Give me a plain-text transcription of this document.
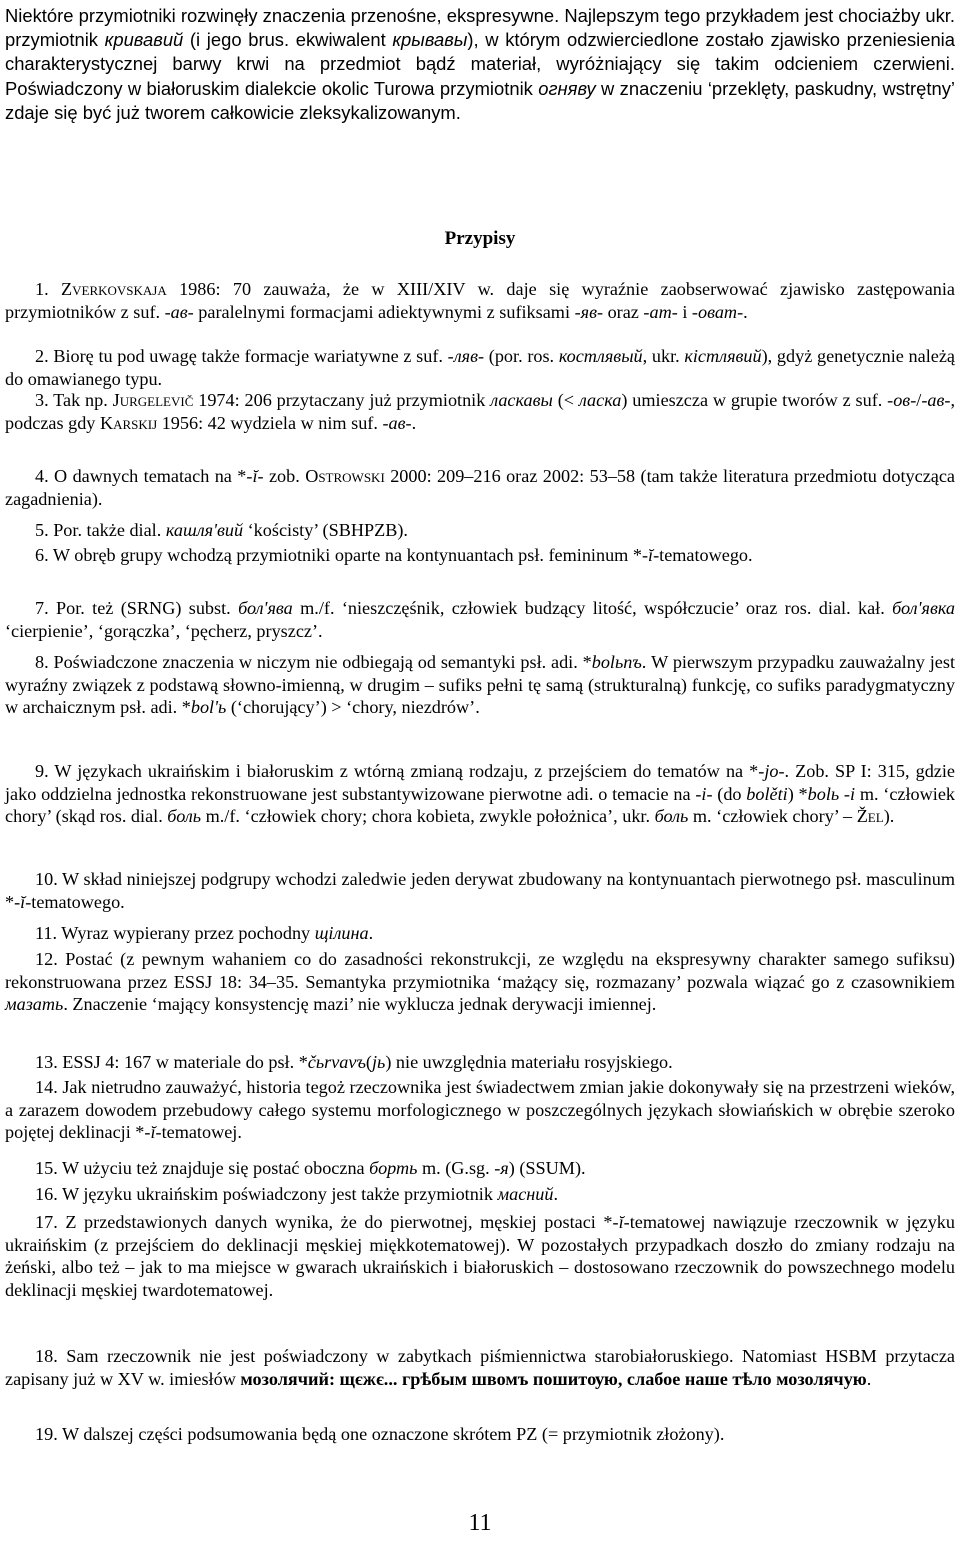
Niektóre przymiotniki rozwinęły znaczenia przenośne, ekspresywne. Najlepszym tego przykładem jest chociażby ukr. przymiotnik кривавий (i jego brus. ekwiwalent крывавы), w którym odzwierciedlone zostało zjawisko przeniesienia charakterystycznej barwy krwi na przedmiot bądź materiał, wyróżniający się takim odcieniem czerwieni. Poświadczony w białoruskim dialekcie okolic Turowa przymiotnik огняву w znaczeniu ‘przeklęty, paskudny, wstrętny’ zdaje się być już tworem całkowicie zleksykalizowanym.

Przypisy

1. Zverkovskaja 1986: 70 zauważa, że w XIII/XIV w. daje się wyraźnie zaobserwować zjawisko zastępowania przymiotników z suf. -ав- paralelnymi formacjami adiektywnymi z sufiksami -яв- oraz -ат- i -оват-.

2. Biorę tu pod uwagę także formacje wariatywne z suf. -ляв- (por. ros. костлявый, ukr. кістлявий), gdyż genetycznie należą do omawianego typu.

3. Tak np. Jurgelevič 1974: 206 przytaczany już przymiotnik ласкавы (< ласка) umieszcza w grupie tworów z suf. -ов-/-ав-, podczas gdy Karskij 1956: 42 wydziela w nim suf. -ав-.

4. O dawnych tematach na *-ĭ- zob. Ostrowski 2000: 209–216 oraz 2002: 53–58 (tam także literatura przedmiotu dotycząca zagadnienia).

5. Por. także dial. кашля'вий ‘kościsty’ (SBHPZB).

6. W obręb grupy wchodzą przymiotniki oparte na kontynuantach psł. femininum *-ĭ-tematowego.

7. Por. też (SRNG) subst. бол'ява m./f. ‘nieszczęśnik, człowiek budzący litość, współczucie’ oraz ros. dial. kał. бол'явка ‘cierpienie’, ‘gorączka’, ‘pęcherz, pryszcz’.

8. Poświadczone znaczenia w niczym nie odbiegają od semantyki psł. adi. *bolьnъ. W pierwszym przypadku zauważalny jest wyraźny związek z podstawą słowno-imienną, w drugim – sufiks pełni tę samą (strukturalną) funkcję, co sufiks paradygmatyczny w archaicznym psł. adi. *bol'ь (‘chorujący’) > ‘chory, niezdrów’.

9. W językach ukraińskim i białoruskim z wtórną zmianą rodzaju, z przejściem do tematów na *-jo-. Zob. SP I: 315, gdzie jako oddzielna jednostka rekonstruowane jest substantywizowane pierwotne adi. o temacie na -i- (do bolěti) *bolь -i m. ‘człowiek chory’ (skąd ros. dial. боль m./f. ‘człowiek chory; chora kobieta, zwykle położnica’, ukr. боль m. ‘człowiek chory’ – Žel).

10. W skład niniejszej podgrupy wchodzi zaledwie jeden derywat zbudowany na kontynuantach pierwotnego psł. masculinum *-ĭ-tematowego.

11. Wyraz wypierany przez pochodny щілина.

12. Postać (z pewnym wahaniem co do zasadności rekonstrukcji, ze względu na ekspresywny charakter samego sufiksu) rekonstruowana przez ESSJ 18: 34–35. Semantyka przymiotnika ‘mażący się, rozmazany’ pozwala wiązać go z czasownikiem мазать. Znaczenie ‘mający konsystencję mazi’ nie wyklucza jednak derywacji imiennej.

13. ESSJ 4: 167 w materiale do psł. *čьrvavъ(jь) nie uwzględnia materiału rosyjskiego.

14. Jak nietrudno zauważyć, historia tegoż rzeczownika jest świadectwem zmian jakie dokonywały się na przestrzeni wieków, a zarazem dowodem przebudowy całego systemu morfologicznego w poszczególnych językach słowiańskich w obrębie szeroko pojętej deklinacji *-ĭ-tematowej.

15. W użyciu też znajduje się postać oboczna борть m. (G.sg. -я) (SSUM).

16. W języku ukraińskim poświadczony jest także przymiotnik масний.

17. Z przedstawionych danych wynika, że do pierwotnej, męskiej postaci *-ĭ-tematowej nawiązuje rzeczownik w języku ukraińskim (z przejściem do deklinacji męskiej miękkotematowej). W pozostałych przypadkach doszło do zmiany rodzaju na żeński, albo też – jak to ma miejsce w gwarach ukraińskich i białoruskich – dostosowano rzeczownik do powszechnego modelu deklinacji męskiej twardotematowej.

18. Sam rzeczownik nie jest poświadczony w zabytkach piśmiennictwa starobiałoruskiego. Natomiast HSBM przytacza zapisany już w XV w. imiesłów мозолячий: щєжє... грѣбым швомъ пошитѹю, слабое наше тѣло мозолячую.

19. W dalszej części podsumowania będą one oznaczone skrótem PZ (= przymiotnik złożony).

11
